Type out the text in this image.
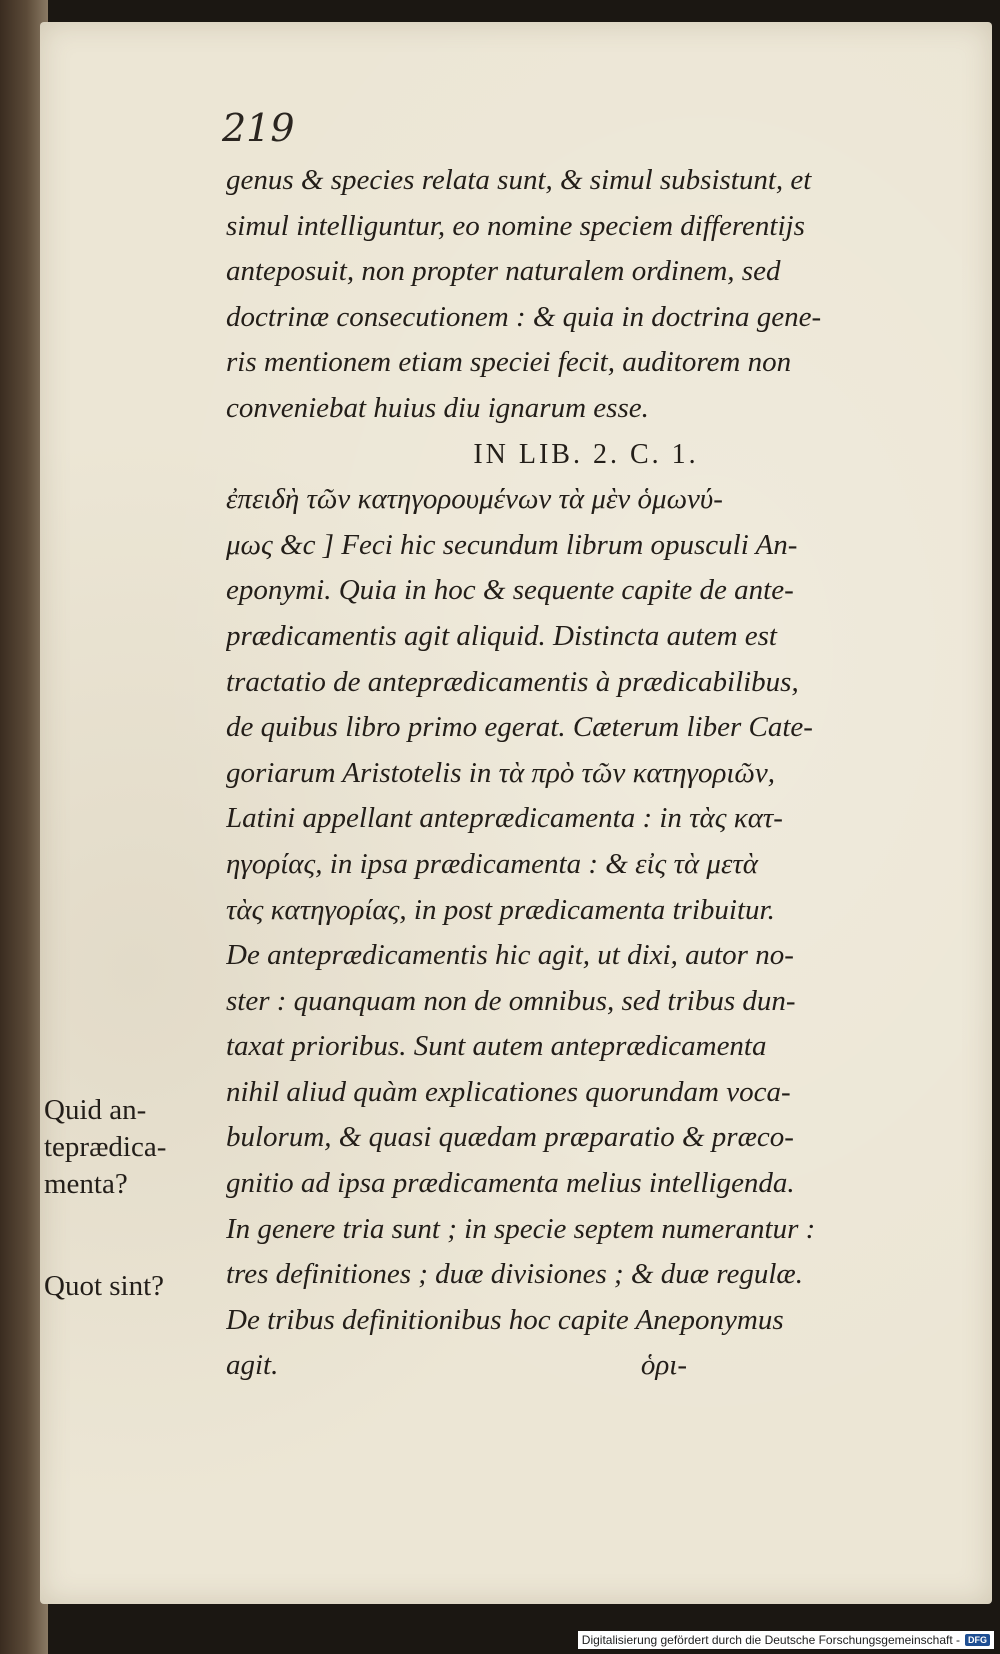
219
genus & species relata sunt, & simul subsistunt, et
simul intelliguntur, eo nomine speciem differentijs
anteposuit, non propter naturalem ordinem, sed
doctrinæ consecutionem : & quia in doctrina gene-
ris mentionem etiam speciei fecit, auditorem non
conveniebat huius diu ignarum esse.
IN LIB. 2. C. 1.
ἐπειδὴ τῶν κατηγορουμένων τὰ μὲν ὁμωνύ-
μως &c ] Feci hic secundum librum opusculi An-
eponymi. Quia in hoc & sequente capite de ante-
prædicamentis agit aliquid. Distincta autem est
tractatio de anteprædicamentis à prædicabilibus,
de quibus libro primo egerat. Cæterum liber Cate-
goriarum Aristotelis in τὰ πρὸ τῶν κατηγοριῶν,
Latini appellant anteprædicamenta : in τὰς κατ-
ηγορίας, in ipsa prædicamenta : & εἰς τὰ μετὰ
τὰς κατηγορίας, in post prædicamenta tribuitur.
De anteprædicamentis hic agit, ut dixi, autor no-
ster : quanquam non de omnibus, sed tribus dun-
taxat prioribus. Sunt autem anteprædicamenta
nihil aliud quàm explicationes quorundam voca-
bulorum, & quasi quædam præparatio & præco-
gnitio ad ipsa prædicamenta melius intelligenda.
In genere tria sunt ; in specie septem numerantur :
tres definitiones ; duæ divisiones ; & duæ regulæ.
De tribus definitionibus hoc capite Aneponymus
agit.                                                  ὁρι-
Quid an-
teprædica-
menta?
Quot sint?
Digitalisierung gefördert durch die Deutsche Forschungsgemeinschaft - DFG
